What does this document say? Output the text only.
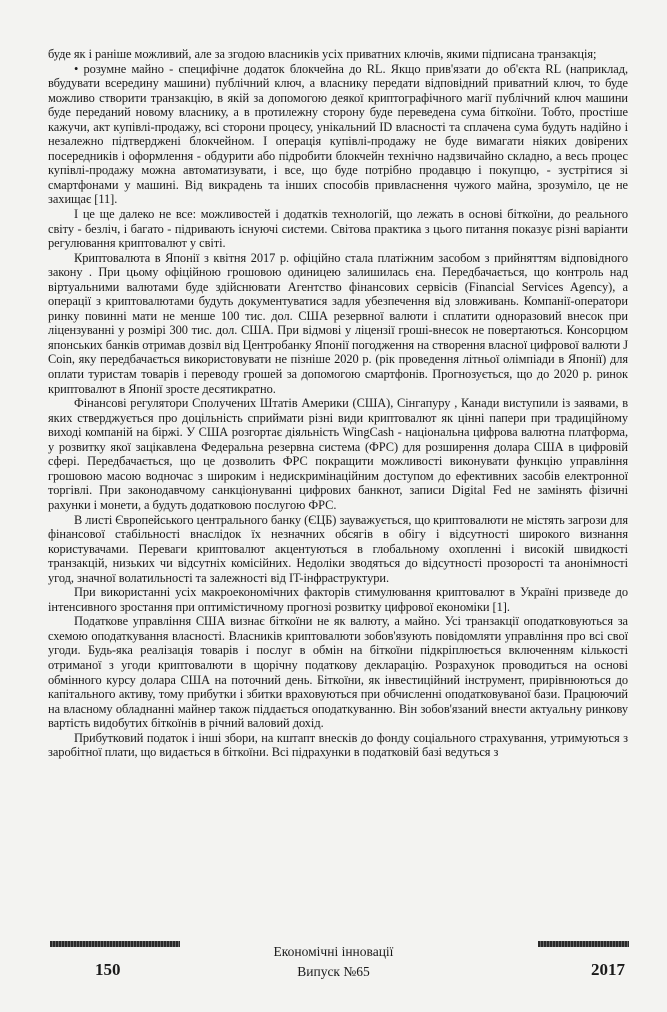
буде як і раніше можливий, але за згодою власників усіх приватних ключів, якими підписана транзакція;

• розумне майно - специфічне додаток блокчейна до RL. Якщо прив'язати до об'єкта RL (наприклад, вбудувати всередину машини) публічний ключ, а власнику передати відповідний приватний ключ, то буде можливо створити транзакцію, в якій за допомогою деякої криптографічного магії публічний ключ машини буде переданий новому власнику, а в протилежну сторону буде переведена сума біткоїни. Тобто, простіше кажучи, акт купівлі-продажу, всі сторони процесу, унікальний ID власності та сплачена сума будуть надійно і незалежно підтверджені блокчейном. І операція купівлі-продажу не буде вимагати ніяких довірених посередників і оформлення - обдурити або підробити блокчейн технічно надзвичайно складно, а весь процес купівлі-продажу можна автоматизувати, і все, що буде потрібно продавцю і покупцю, - зустрітися зі смартфонами у машині. Від викрадень та інших способів привласнення чужого майна, зрозуміло, це не захищає [11].

І це ще далеко не все: можливостей і додатків технологій, що лежать в основі біткоїни, до реального світу - безліч, і багато - підривають існуючі системи. Світова практика з цього питання показує різні варіанти регулювання криптовалют у світі.

Криптовалюта в Японії з квітня 2017 р. офіційно стала платіжним засобом з прийняттям відповідного закону . При цьому офіційною грошовою одиницею залишилась єна. Передбачається, що контроль над віртуальними валютами буде здійснювати Агентство фінансових сервісів (Financial Services Agency), а операції з криптовалютами будуть документуватися задля убезпечення від зловживань. Компанії-оператори ринку повинні мати не менше 100 тис. дол. США резервної валюти і сплатити одноразовий внесок при ліцензуванні у розмірі 300 тис. дол. США. При відмові у ліцензії гроші-внесок не повертаються. Консорцюм японських банків отримав дозвіл від Центробанку Японії погодження на створення власної цифрової валюти J Coin, яку передбачається використовувати не пізніше 2020 р. (рік проведення літньої олімпіади в Японії) для оплати туристам товарів і переводу грошей за допомогою смартфонів. Прогнозується, що до 2020 р. ринок криптовалют в Японії зросте десятикратно.

Фінансові регулятори Сполучених Штатів Америки (США), Сінгапуру , Канади виступили із заявами, в яких стверджується про доцільність сприймати різні види криптовалют як цінні папери при традиційному виході компаній на біржі. У США розгортає діяльність WingCash - національна цифрова валютна платформа, у розвитку якої зацікавлена Федеральна резервна система (ФРС) для розширення долара США в цифровій сфері. Передбачається, що це дозволить ФРС покращити можливості виконувати функцію управління грошовою масою водночас з широким і недискримінаційним доступом до ефективних засобів електронної торгівлі. При законодавчому санкціонуванні цифрових банкнот, записи Digital Fed не замінять фізичні рахунки і монети, а будуть додатковою послугою ФРС.

В листі Європейського центрального банку (ЄЦБ) зауважується, що криптовалюти не містять загрози для фінансової стабільності внаслідок їх незначних обсягів в обігу і відсутності широкого визнання користувачами. Переваги криптовалют акцентуються в глобальному охопленні і високій швидкості транзакцій, низьких чи відсутніх комісійних. Недоліки зводяться до відсутності прозорості та анонімності угод, значної волатильності та залежності від IT-інфраструктури.

При використанні усіх макроекономічних факторів стимулювання криптовалют в Україні призведе до інтенсивного зростання при оптимістичному прогнозі розвитку цифрової економіки [1].

Податкове управління США визнає біткоїни не як валюту, а майно. Усі транзакції оподатковуються за схемою оподаткування власності. Власників криптовалюти зобов'язують повідомляти управління про всі свої угоди. Будь-яка реалізація товарів і послуг в обмін на біткоїни підкріплюється включенням кількості отриманої з угоди криптовалюти в щорічну податкову декларацію. Розрахунок проводиться на основі обмінного курсу долара США на поточний день. Біткоїни, як інвестиційний інструмент, прирівнюються до капітального активу, тому прибутки і збитки враховуються при обчисленні оподатковуваної бази. Працюючий на власному обладнанні майнер також піддається оподаткуванню. Він зобов'язаний внести актуальну ринкову вартість видобутих біткоїнів в річний валовий дохід.

Прибутковий податок і інші збори, на кштапт внесків до фонду соціального страхування, утримуються з заробітної плати, що видається в біткоїни. Всі підрахунки в податковій базі ведуться з

Економічні інновації
Випуск №65
150	2017
